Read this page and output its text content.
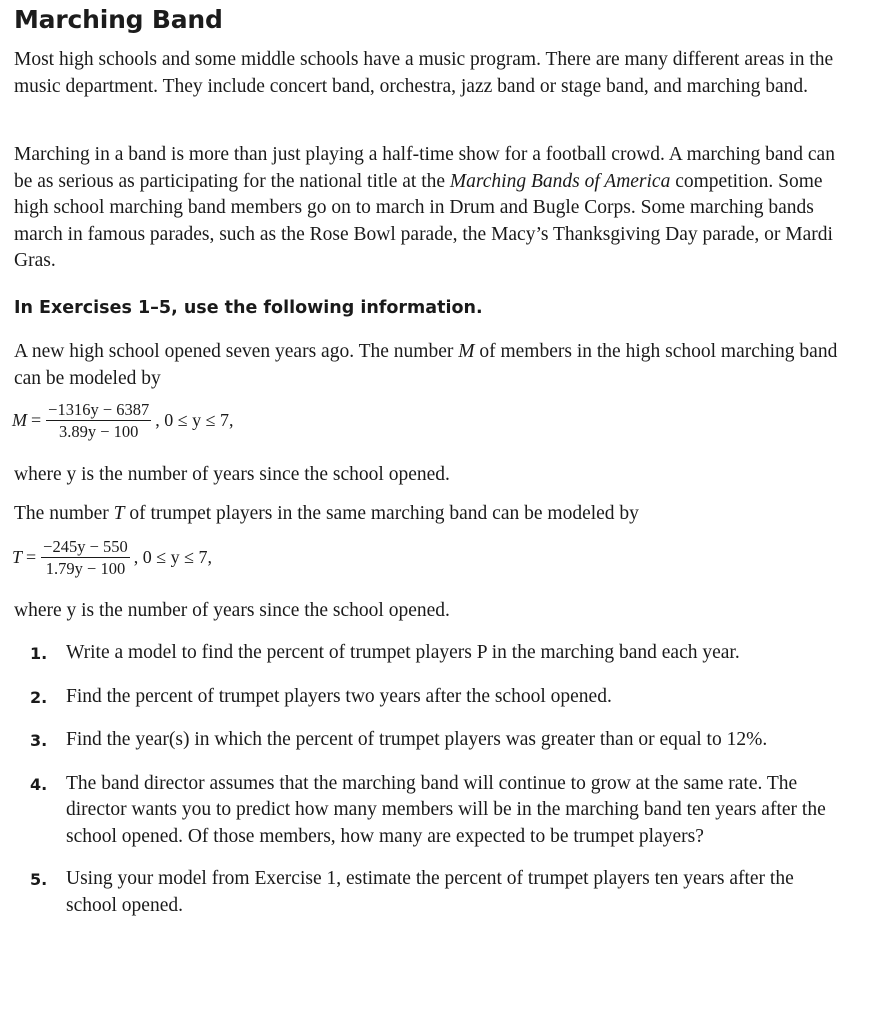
Marching Band

Most high schools and some middle schools have a music program. There are many different areas in the music department. They include concert band, orchestra, jazz band or stage band, and marching band.

Marching in a band is more than just playing a half-time show for a football crowd. A marching band can be as serious as participating for the national title at the Marching Bands of America competition. Some high school marching band members go on to march in Drum and Bugle Corps. Some marching bands march in famous parades, such as the Rose Bowl parade, the Macy’s Thanksgiving Day parade, or Mardi Gras.

In Exercises 1–5, use the following information.

A new high school opened seven years ago. The number M of members in the high school marching band can be modeled by

$M = \frac{-1316y - 6387}{3.89y - 100}$ , 0 ≤ y ≤ 7,

where y is the number of years since the school opened.

The number T of trumpet players in the same marching band can be modeled by

$T = \frac{-245y - 550}{1.79y - 100}$ , 0 ≤ y ≤ 7,

where y is the number of years since the school opened.

1. Write a model to find the percent of trumpet players P in the marching band each year.
2. Find the percent of trumpet players two years after the school opened.
3. Find the year(s) in which the percent of trumpet players was greater than or equal to 12%.
4. The band director assumes that the marching band will continue to grow at the same rate. The director wants you to predict how many members will be in the marching band ten years after the school opened. Of those members, how many are expected to be trumpet players?
5. Using your model from Exercise 1, estimate the percent of trumpet players ten years after the school opened.
